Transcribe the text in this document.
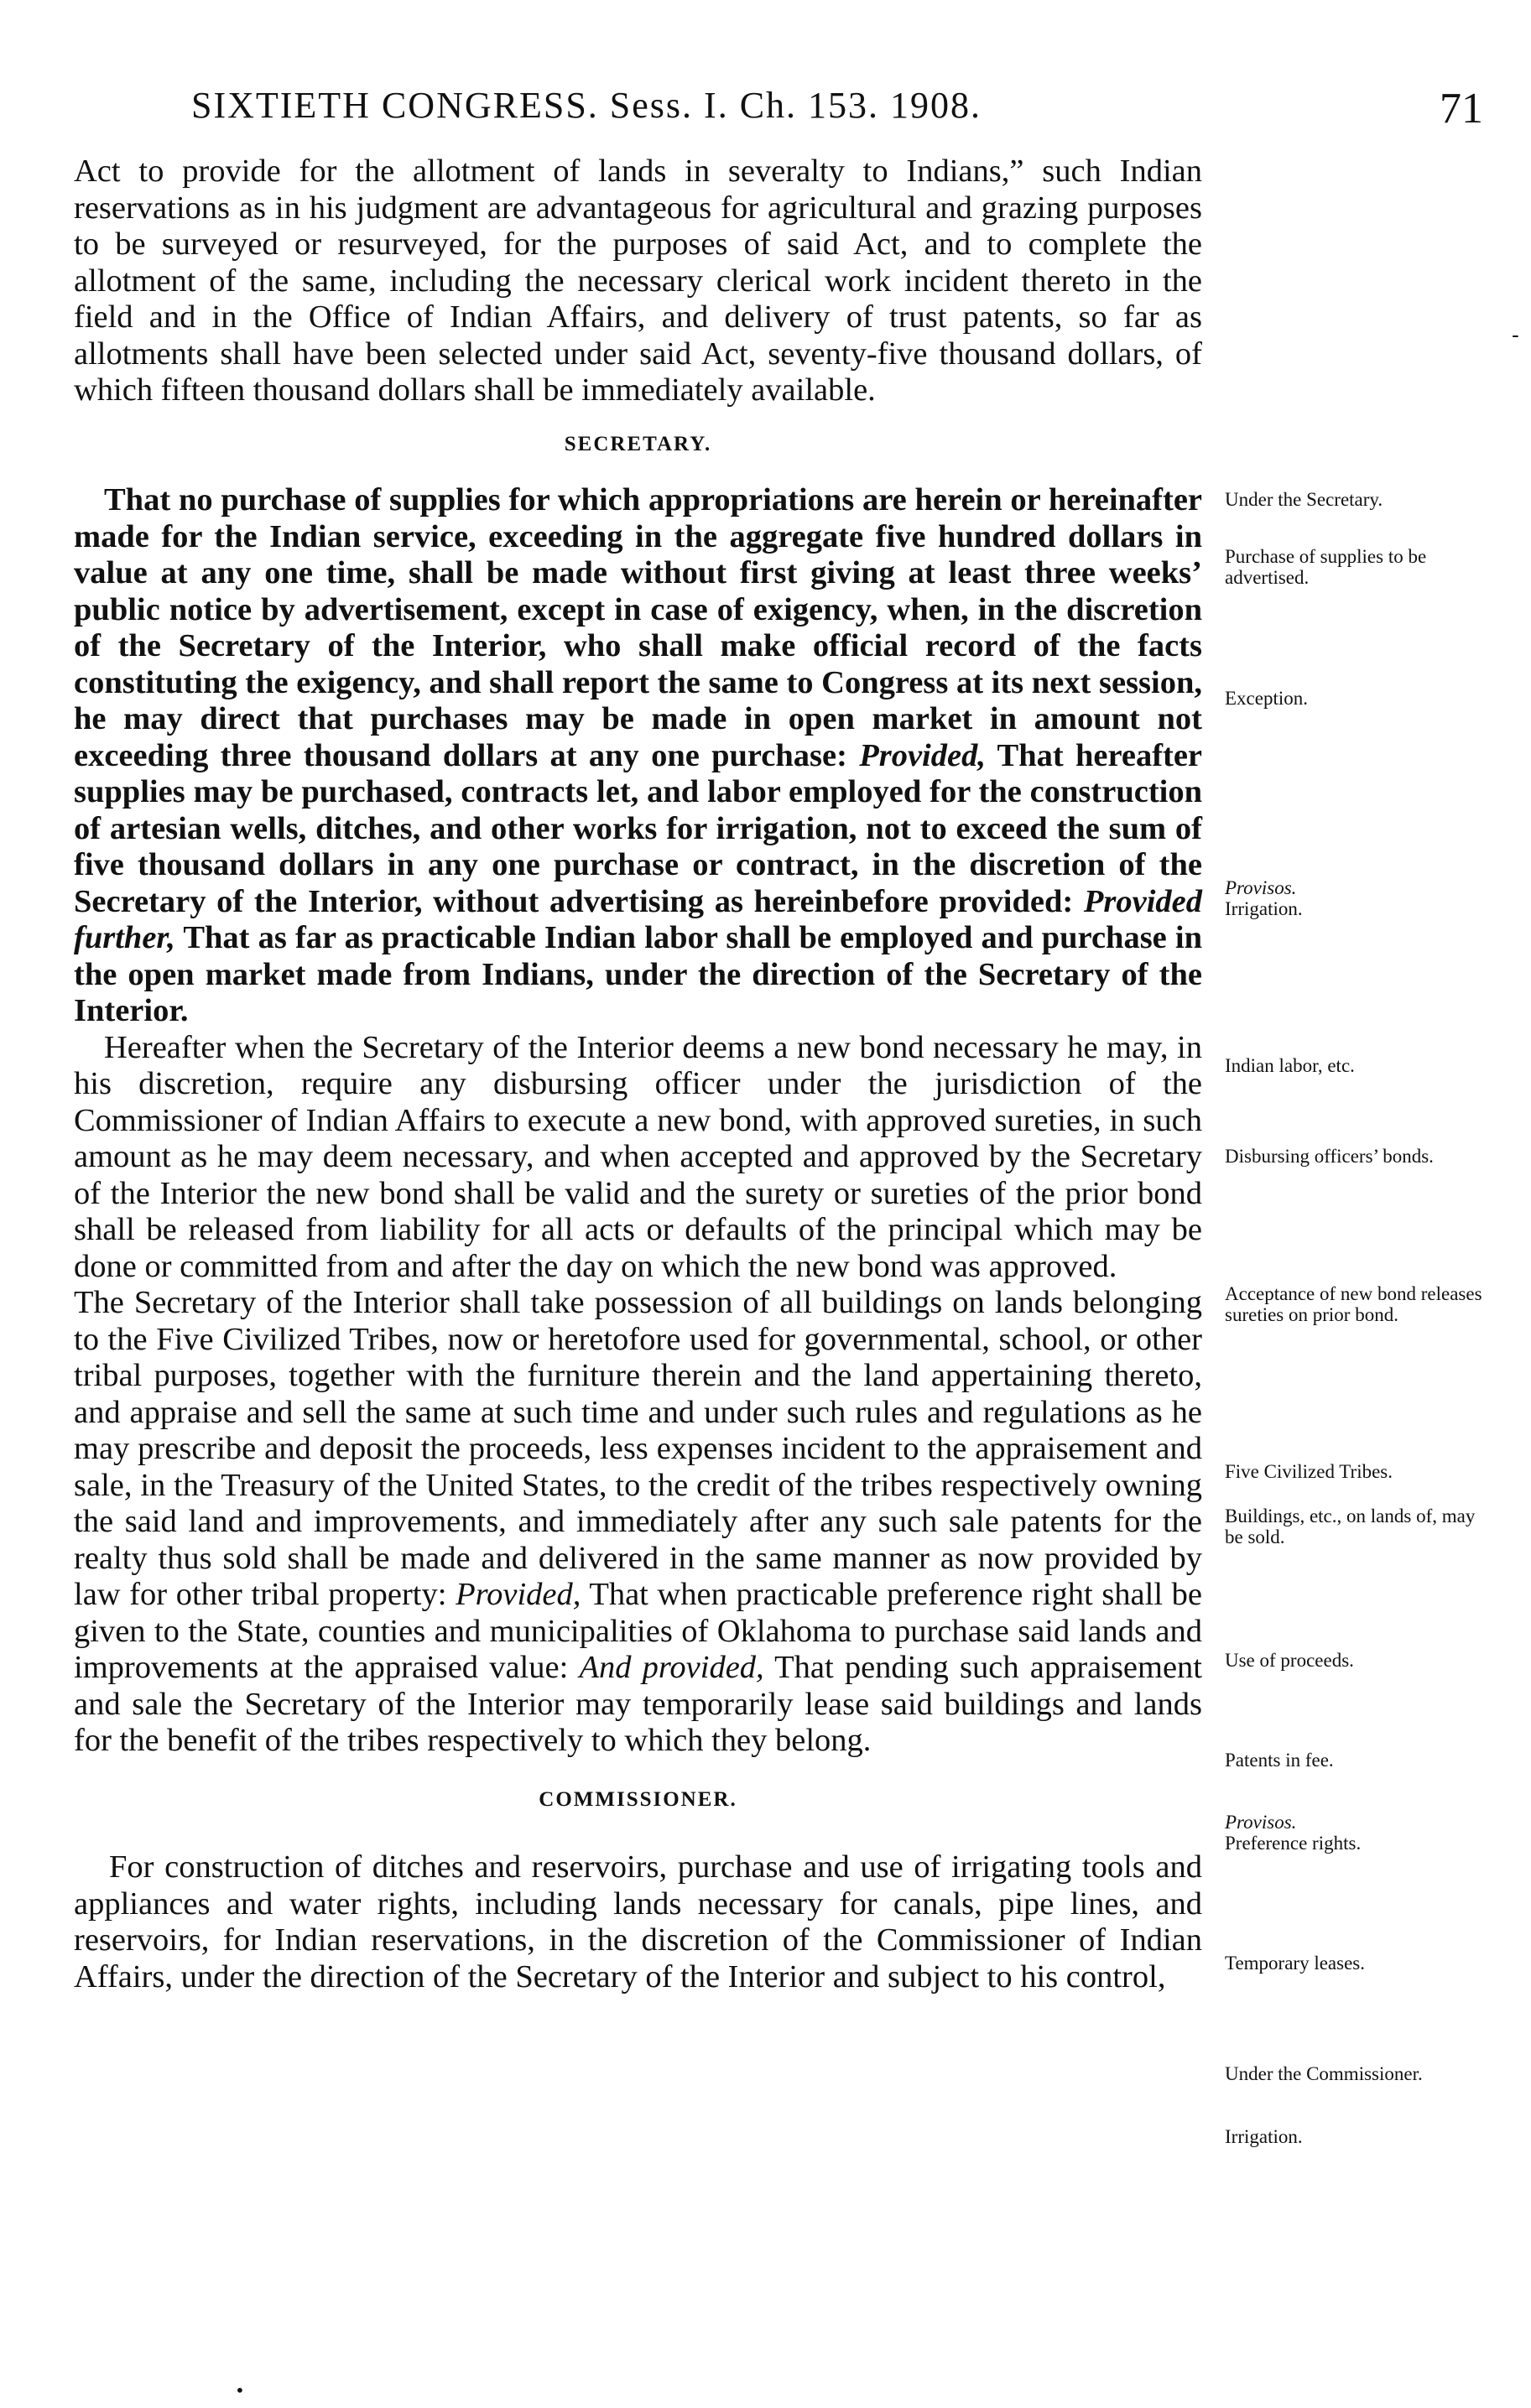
SIXTIETH CONGRESS. Sess. I. Ch. 153. 1908.	71

Act to provide for the allotment of lands in severalty to Indians,” such Indian reservations as in his judgment are advantageous for agricultural and grazing purposes to be surveyed or resurveyed, for the purposes of said Act, and to complete the allotment of the same, including the necessary clerical work incident thereto in the field and in the Office of Indian Affairs, and delivery of trust patents, so far as allotments shall have been selected under said Act, seventy-five thousand dollars, of which fifteen thousand dollars shall be immediately available.

SECRETARY.

That no purchase of supplies for which appropriations are herein or hereinafter made for the Indian service, exceeding in the aggregate five hundred dollars in value at any one time, shall be made without first giving at least three weeks’ public notice by advertisement, except in case of exigency, when, in the discretion of the Secretary of the Interior, who shall make official record of the facts constituting the exigency, and shall report the same to Congress at its next session, he may direct that purchases may be made in open market in amount not exceeding three thousand dollars at any one purchase: Provided, That hereafter supplies may be purchased, contracts let, and labor employed for the construction of artesian wells, ditches, and other works for irrigation, not to exceed the sum of five thousand dollars in any one purchase or contract, in the discretion of the Secretary of the Interior, without advertising as hereinbefore provided: Provided further, That as far as practicable Indian labor shall be employed and purchase in the open market made from Indians, under the direction of the Secretary of the Interior.

Hereafter when the Secretary of the Interior deems a new bond necessary he may, in his discretion, require any disbursing officer under the jurisdiction of the Commissioner of Indian Affairs to execute a new bond, with approved sureties, in such amount as he may deem necessary, and when accepted and approved by the Secretary of the Interior the new bond shall be valid and the surety or sureties of the prior bond shall be released from liability for all acts or defaults of the principal which may be done or committed from and after the day on which the new bond was approved.

The Secretary of the Interior shall take possession of all buildings on lands belonging to the Five Civilized Tribes, now or heretofore used for governmental, school, or other tribal purposes, together with the furniture therein and the land appertaining thereto, and appraise and sell the same at such time and under such rules and regulations as he may prescribe and deposit the proceeds, less expenses incident to the appraisement and sale, in the Treasury of the United States, to the credit of the tribes respectively owning the said land and improvements, and immediately after any such sale patents for the realty thus sold shall be made and delivered in the same manner as now provided by law for other tribal property: Provided, That when practicable preference right shall be given to the State, counties and municipalities of Oklahoma to purchase said lands and improvements at the appraised value: And provided, That pending such appraisement and sale the Secretary of the Interior may temporarily lease said buildings and lands for the benefit of the tribes respectively to which they belong.

COMMISSIONER.

For construction of ditches and reservoirs, purchase and use of irrigating tools and appliances and water rights, including lands necessary for canals, pipe lines, and reservoirs, for Indian reservations, in the discretion of the Commissioner of Indian Affairs, under the direction of the Secretary of the Interior and subject to his control,

Under the Secretary.
Purchase of supplies to be advertised.
Exception.
Provisos.
Irrigation.
Indian labor, etc.
Disbursing officers’ bonds.
Acceptance of new bond releases sureties on prior bond.
Five Civilized Tribes.
Buildings, etc., on lands of, may be sold.
Use of proceeds.
Patents in fee.
Provisos.
Preference rights.
Temporary leases.
Under the Commissioner.
Irrigation.
-
•
